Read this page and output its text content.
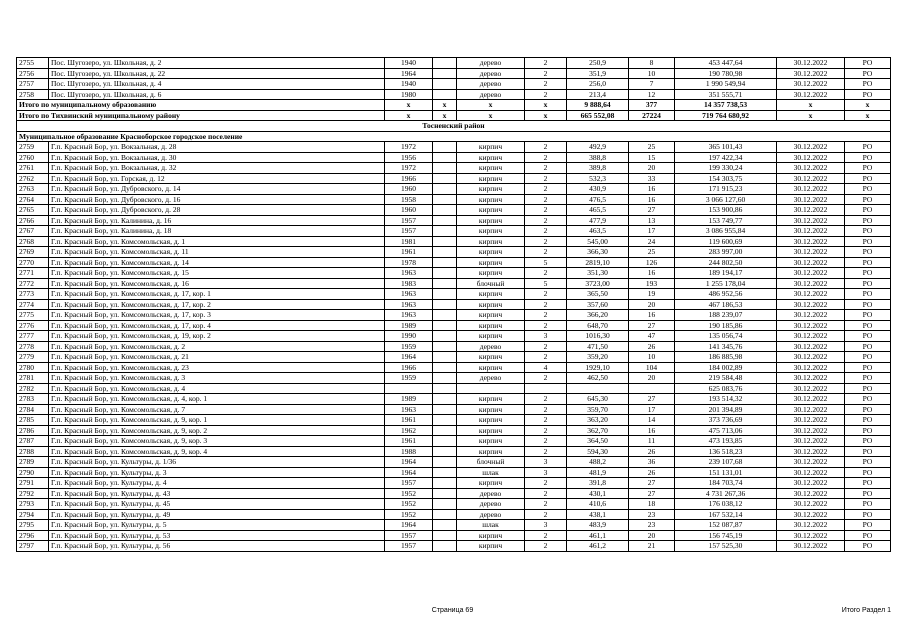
2755	Пос. Шугозеро, ул. Школьная, д. 2	1940		дерево	2	250,9	8	453 447,64	30.12.2022	РО
2756	Пос. Шугозеро, ул. Школьная, д. 22	1964		дерево	2	351,9	10	190 780,98	30.12.2022	РО
2757	Пос. Шугозеро, ул. Школьная, д. 4	1940		дерево	2	256,0	7	1 990 549,94	30.12.2022	РО
2758	Пос. Шугозеро, ул. Школьная, д. 6	1980		дерево	2	213,4	12	351 555,71	30.12.2022	РО
Итого по муниципальному образованию		x	x	x	x	9 888,64	377	14 357 738,53	x	x
Итого по Тихвинский муниципальному району		x	x	x	x	665 552,08	27224	719 764 680,92	x	x
Тосненский район										
Муниципальное образование Красноборское городское поселение										
2759	Г.п. Красный Бор, ул. Вокзальная, д. 28	1972		кирпич	2	492,9	25	365 101,43	30.12.2022	РО
2760	Г.п. Красный Бор, ул. Вокзальная, д. 30	1956		кирпич	2	388,8	15	197 422,34	30.12.2022	РО
2761	Г.п. Красный Бор, ул. Вокзальная, д. 32	1972		кирпич	2	389,8	20	199 330,24	30.12.2022	РО
2762	Г.п. Красный Бор, ул. Горская, д. 12	1966		кирпич	2	532,3	33	154 303,75	30.12.2022	РО
2763	Г.п. Красный Бор, ул. Дубровского, д. 14	1960		кирпич	2	430,9	16	171 915,23	30.12.2022	РО
2764	Г.п. Красный Бор, ул. Дубровского, д. 16	1958		кирпич	2	476,5	16	3 066 127,60	30.12.2022	РО
2765	Г.п. Красный Бор, ул. Дубровского, д. 28	1960		кирпич	2	465,5	27	153 900,86	30.12.2022	РО
2766	Г.п. Красный Бор, ул. Калинина, д. 16	1957		кирпич	2	477,9	13	153 749,77	30.12.2022	РО
2767	Г.п. Красный Бор, ул. Калинина, д. 18	1957		кирпич	2	463,5	17	3 086 955,84	30.12.2022	РО
2768	Г.п. Красный Бор, ул. Комсомольская, д. 1	1981		кирпич	2	545,00	24	119 600,69	30.12.2022	РО
2769	Г.п. Красный Бор, ул. Комсомольская, д. 11	1961		кирпич	2	366,30	25	283 997,00	30.12.2022	РО
2770	Г.п. Красный Бор, ул. Комсомольская, д. 14	1978		кирпич	5	2819,10	126	244 802,50	30.12.2022	РО
2771	Г.п. Красный Бор, ул. Комсомольская, д. 15	1963		кирпич	2	351,30	16	189 194,17	30.12.2022	РО
2772	Г.п. Красный Бор, ул. Комсомольская, д. 16	1983		блочный	5	3723,00	193	1 255 178,04	30.12.2022	РО
2773	Г.п. Красный Бор, ул. Комсомольская, д. 17, кор. 1	1963		кирпич	2	365,50	19	486 952,56	30.12.2022	РО
2774	Г.п. Красный Бор, ул. Комсомольская, д. 17, кор. 2	1963		кирпич	2	357,60	20	467 186,53	30.12.2022	РО
2775	Г.п. Красный Бор, ул. Комсомольская, д. 17, кор. 3	1963		кирпич	2	366,20	16	188 239,07	30.12.2022	РО
2776	Г.п. Красный Бор, ул. Комсомольская, д. 17, кор. 4	1989		кирпич	2	648,70	27	190 185,86	30.12.2022	РО
2777	Г.п. Красный Бор, ул. Комсомольская, д. 19, кор. 2	1990		кирпич	3	1016,30	47	135 056,74	30.12.2022	РО
2778	Г.п. Красный Бор, ул. Комсомольская, д. 2	1959		дерево	2	471,50	26	141 345,76	30.12.2022	РО
2779	Г.п. Красный Бор, ул. Комсомольская, д. 21	1964		кирпич	2	359,20	10	186 885,98	30.12.2022	РО
2780	Г.п. Красный Бор, ул. Комсомольская, д. 23	1966		кирпич	4	1929,10	104	184 002,89	30.12.2022	РО
2781	Г.п. Красный Бор, ул. Комсомольская, д. 3	1959		дерево	2	462,50	20	219 584,48	30.12.2022	РО
2782	Г.п. Красный Бор, ул. Комсомольская, д. 4							625 083,76	30.12.2022	РО
2783	Г.п. Красный Бор, ул. Комсомольская, д. 4, кор. 1	1989		кирпич	2	645,30	27	193 514,32	30.12.2022	РО
2784	Г.п. Красный Бор, ул. Комсомольская, д. 7	1963		кирпич	2	359,70	17	201 394,89	30.12.2022	РО
2785	Г.п. Красный Бор, ул. Комсомольская, д. 9, кор. 1	1961		кирпич	2	363,20	14	373 736,69	30.12.2022	РО
2786	Г.п. Красный Бор, ул. Комсомольская, д. 9, кор. 2	1962		кирпич	2	362,70	16	475 713,06	30.12.2022	РО
2787	Г.п. Красный Бор, ул. Комсомольская, д. 9, кор. 3	1961		кирпич	2	364,50	11	473 193,85	30.12.2022	РО
2788	Г.п. Красный Бор, ул. Комсомольская, д. 9, кор. 4	1988		кирпич	2	594,30	26	136 518,23	30.12.2022	РО
2789	Г.п. Красный Бор, ул. Культуры, д. 1/36	1964		блочный	3	488,2	36	239 107,68	30.12.2022	РО
2790	Г.п. Красный Бор, ул. Культуры, д. 3	1964		шлак	3	481,9	26	151 131,01	30.12.2022	РО
2791	Г.п. Красный Бор, ул. Культуры, д. 4	1957		кирпич	2	391,8	27	184 703,74	30.12.2022	РО
2792	Г.п. Красный Бор, ул. Культуры, д. 43	1952		дерево	2	430,1	27	4 731 267,36	30.12.2022	РО
2793	Г.п. Красный Бор, ул. Культуры, д. 45	1952		дерево	2	410,6	18	176 038,12	30.12.2022	РО
2794	Г.п. Красный Бор, ул. Культуры, д. 49	1952		дерево	2	438,1	23	167 532,14	30.12.2022	РО
2795	Г.п. Красный Бор, ул. Культуры, д. 5	1964		шлак	3	483,9	23	152 087,87	30.12.2022	РО
2796	Г.п. Красный Бор, ул. Культуры, д. 53	1957		кирпич	2	461,1	20	156 745,19	30.12.2022	РО
2797	Г.п. Красный Бор, ул. Культуры, д. 56	1957		кирпич	2	461,2	21	157 525,30	30.12.2022	РО
Страница 69	Итого Раздел 1
